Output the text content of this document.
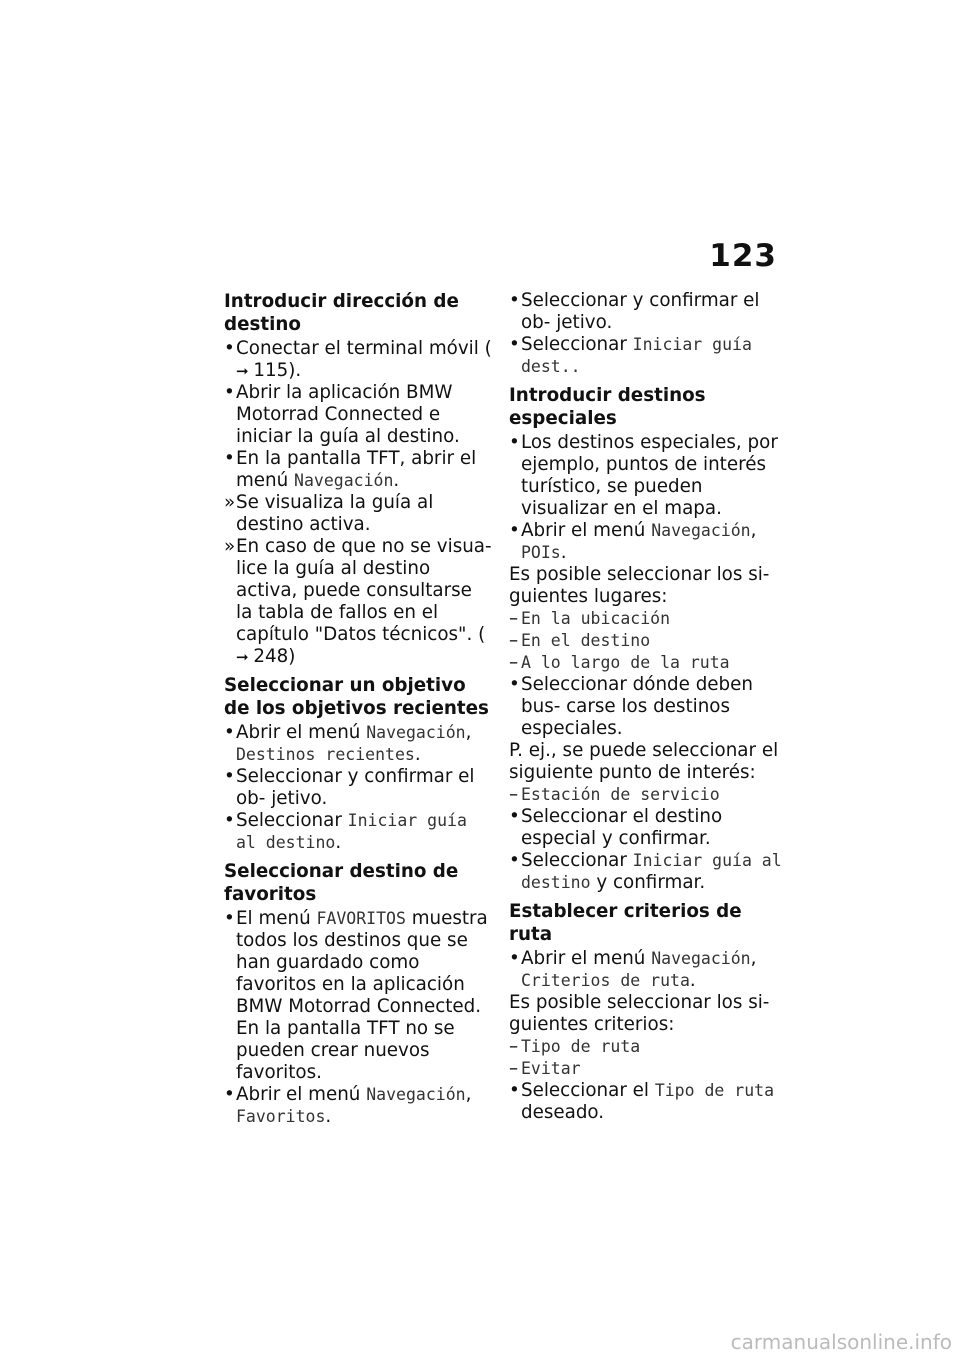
123
Introducir dirección de destino
• Conectar el terminal móvil ( ➞ 115).
• Abrir la aplicación BMW Motorrad Connected e iniciar la guía al destino.
• En la pantalla TFT, abrir el menú Navegación.
» Se visualiza la guía al destino activa.
» En caso de que no se visua- lice la guía al destino activa, puede consultarse la tabla de fallos en el capítulo "Datos técnicos". ( ➞ 248)
Seleccionar un objetivo de los objetivos recientes
• Abrir el menú Navegación, Destinos recientes.
• Seleccionar y confirmar el ob- jetivo.
• Seleccionar Iniciar guía al destino.
Seleccionar destino de favoritos
• El menú FAVORITOS muestra todos los destinos que se han guardado como favoritos en la aplicación BMW Motorrad Connected. En la pantalla TFT no se pueden crear nuevos favoritos.
• Abrir el menú Navegación, Favoritos.
• Seleccionar y confirmar el ob- jetivo.
• Seleccionar Iniciar guía dest..
Introducir destinos especiales
• Los destinos especiales, por ejemplo, puntos de interés turístico, se pueden visualizar en el mapa.
• Abrir el menú Navegación, POIs.
Es posible seleccionar los si- guientes lugares:
– En la ubicación
– En el destino
– A lo largo de la ruta
• Seleccionar dónde deben bus- carse los destinos especiales.
P. ej., se puede seleccionar el siguiente punto de interés:
– Estación de servicio
• Seleccionar el destino especial y confirmar.
• Seleccionar Iniciar guía al destino y confirmar.
Establecer criterios de ruta
• Abrir el menú Navegación, Criterios de ruta.
Es posible seleccionar los si- guientes criterios:
– Tipo de ruta
– Evitar
• Seleccionar el Tipo de ruta deseado.
carmanualsonline.info
